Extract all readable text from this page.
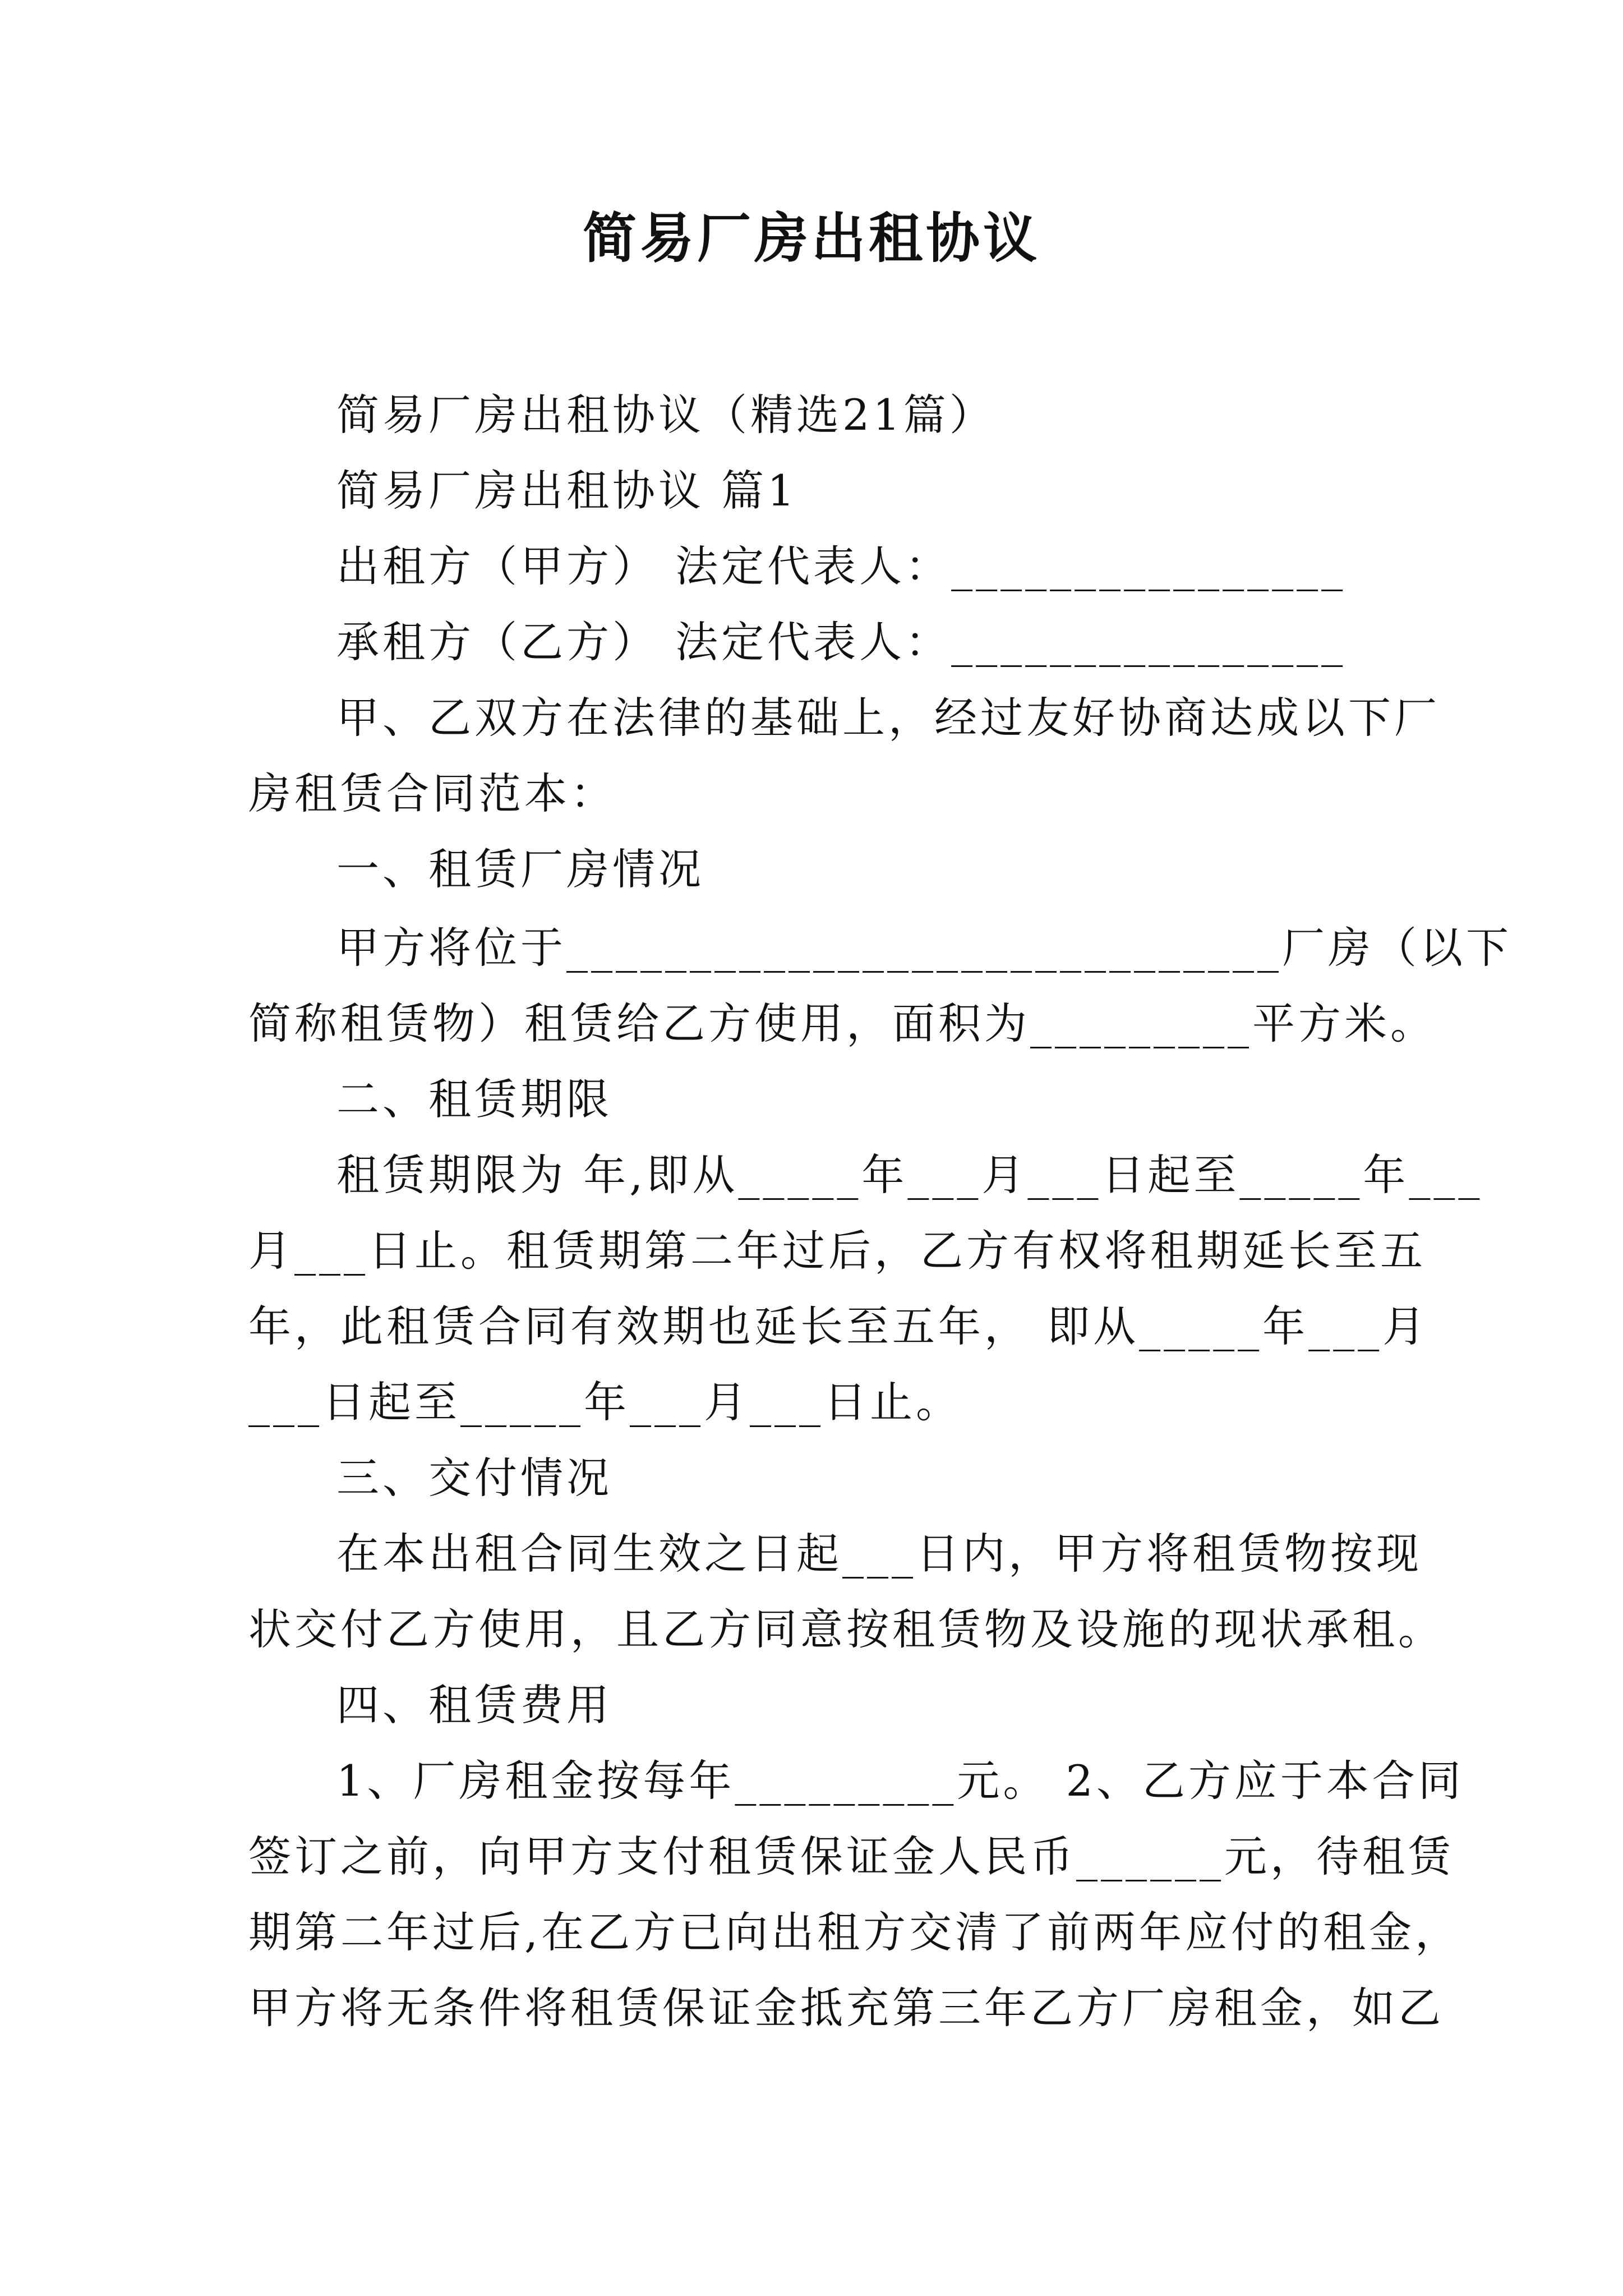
简易厂房出租协议
简易厂房出租协议（精选21篇）
简易厂房出租协议 篇1
出租方（甲方） 法定代表人：________________
承租方（乙方） 法定代表人：________________
甲、乙双方在法律的基础上，经过友好协商达成以下厂
房租赁合同范本：
一、租赁厂房情况
甲方将位于_____________________________厂房（以下
简称租赁物）租赁给乙方使用，面积为_________平方米。
二、租赁期限
租赁期限为 年,即从_____年___月___日起至_____年___
月___日止。租赁期第二年过后，乙方有权将租期延长至五
年，此租赁合同有效期也延长至五年， 即从_____年___月
___日起至_____年___月___日止。
三、交付情况
在本出租合同生效之日起___日内，甲方将租赁物按现
状交付乙方使用，且乙方同意按租赁物及设施的现状承租。
四、租赁费用
1、厂房租金按每年_________元。 2、乙方应于本合同
签订之前，向甲方支付租赁保证金人民币______元，待租赁
期第二年过后,在乙方已向出租方交清了前两年应付的租金，
甲方将无条件将租赁保证金抵充第三年乙方厂房租金，如乙
